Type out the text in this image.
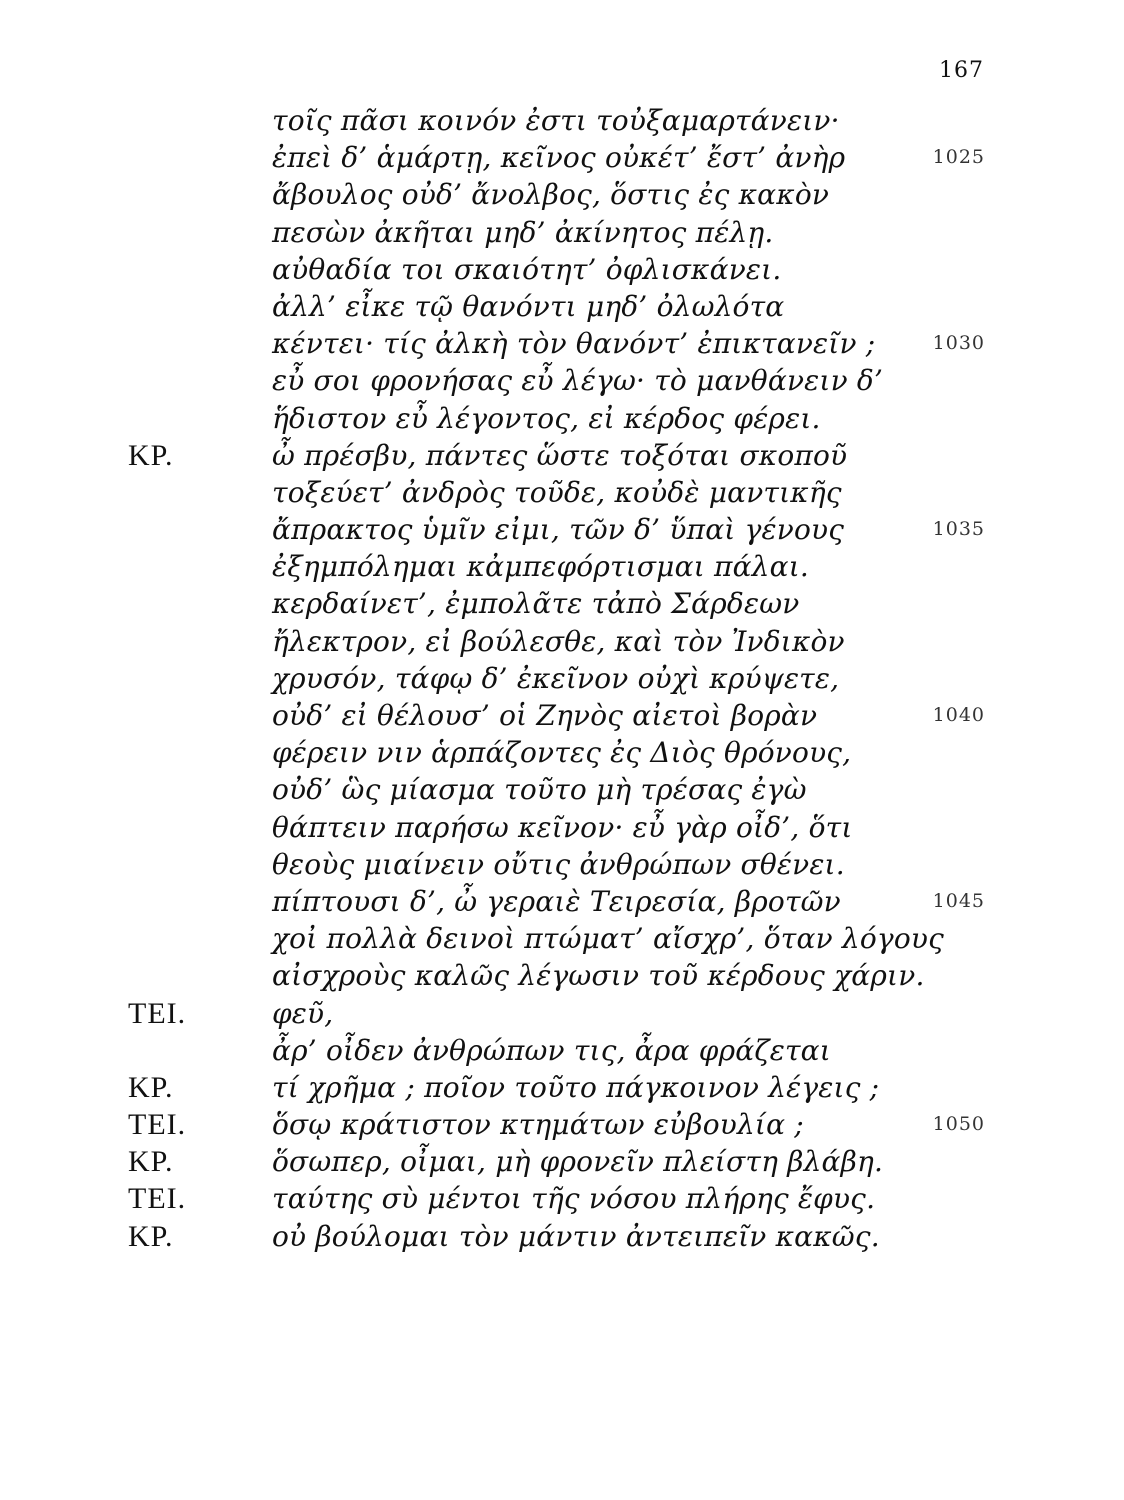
167
τοῖς πᾶσι κοινόν ἐστι τοὐξαμαρτάνειν·
ἐπεὶ δ’ ἁμάρτῃ, κεῖνος οὐκέτ’ ἔστ’ ἀνὴρ	1025
ἄβουλος οὐδ’ ἄνολβος, ὅστις ἐς κακὸν
πεσὼν ἀκῆται μηδ’ ἀκίνητος πέλῃ.
αὐθαδία τοι σκαιότητ’ ὀφλισκάνει.
ἀλλ’ εἶκε τῷ θανόντι μηδ’ ὀλωλότα
κέντει· τίς ἀλκὴ τὸν θανόντ’ ἐπικτανεῖν ;	1030
εὖ σοι φρονήσας εὖ λέγω· τὸ μανθάνειν δ’
ἥδιστον εὖ λέγοντος, εἰ κέρδος φέρει.
ΚΡ.	ὦ πρέσβυ, πάντες ὥστε τοξόται σκοποῦ
τοξεύετ’ ἀνδρὸς τοῦδε, κοὐδὲ μαντικῆς
ἄπρακτος ὑμῖν εἰμι, τῶν δ’ ὕπαὶ γένους	1035
ἐξημπόλημαι κἀμπεφόρτισμαι πάλαι.
κερδαίνετ’, ἐμπολᾶτε τἀπὸ Σάρδεων
ἤλεκτρον, εἰ βούλεσθε, καὶ τὸν Ἰνδικὸν
χρυσόν, τάφῳ δ’ ἐκεῖνον οὐχὶ κρύψετε,
οὐδ’ εἰ θέλουσ’ οἱ Ζηνὸς αἰετοὶ βορὰν	1040
φέρειν νιν ἁρπάζοντες ἐς Διὸς θρόνους,
οὐδ’ ὣς μίασμα τοῦτο μὴ τρέσας ἐγὼ
θάπτειν παρήσω κεῖνον· εὖ γὰρ οἶδ’, ὅτι
θεοὺς μιαίνειν οὔτις ἀνθρώπων σθένει.
πίπτουσι δ’, ὦ γεραιὲ Τειρεσία, βροτῶν	1045
χοἰ πολλὰ δεινοὶ πτώματ’ αἴσχρ’, ὅταν λόγους
αἰσχροὺς καλῶς λέγωσιν τοῦ κέρδους χάριν.
ΤΕΙ.	φεῦ,
ἆρ’ οἶδεν ἀνθρώπων τις, ἆρα φράζεται
ΚΡ.	τί χρῆμα ; ποῖον τοῦτο πάγκοινον λέγεις ;
ΤΕΙ.	ὅσῳ κράτιστον κτημάτων εὐβουλία ;	1050
ΚΡ.	ὅσωπερ, οἶμαι, μὴ φρονεῖν πλείστη βλάβη.
ΤΕΙ.	ταύτης σὺ μέντοι τῆς νόσου πλήρης ἔφυς.
ΚΡ.	οὐ βούλομαι τὸν μάντιν ἀντειπεῖν κακῶς.
